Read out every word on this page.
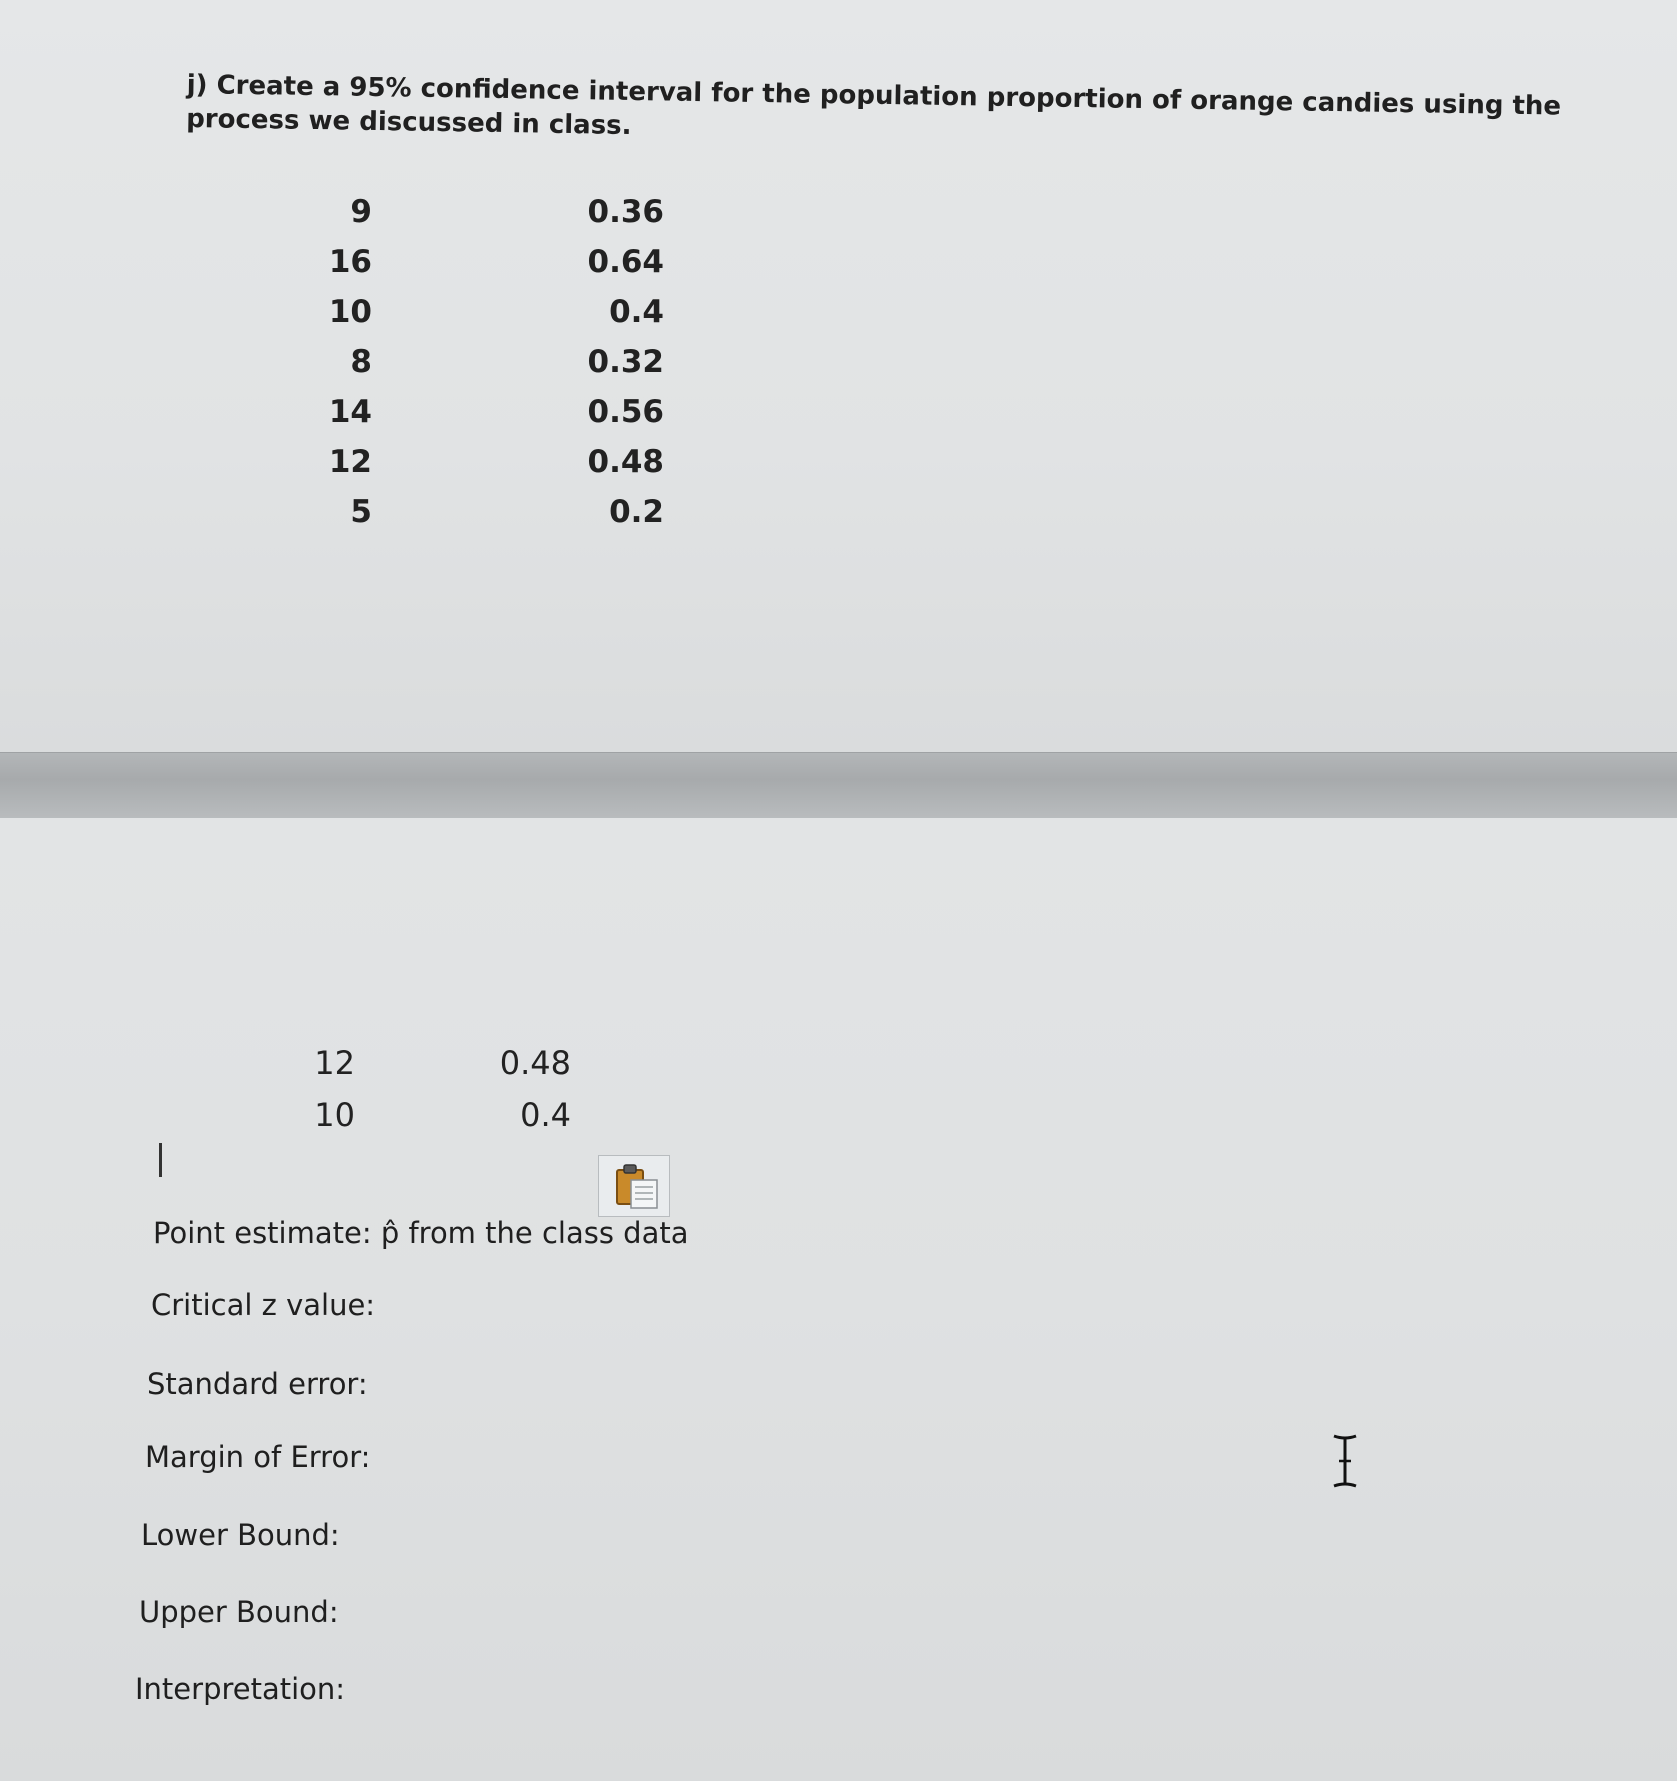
j) Create a 95% confidence interval for the population proportion of orange candies using the process we discussed in class.

9	0.36
16	0.64
10	0.4
8	0.32
14	0.56
12	0.48
5	0.2
12	0.48
10	0.4
Point estimate: p̂ from the class data
Critical z value:
Standard error:
Margin of Error:
Lower Bound:
Upper Bound:
Interpretation:
